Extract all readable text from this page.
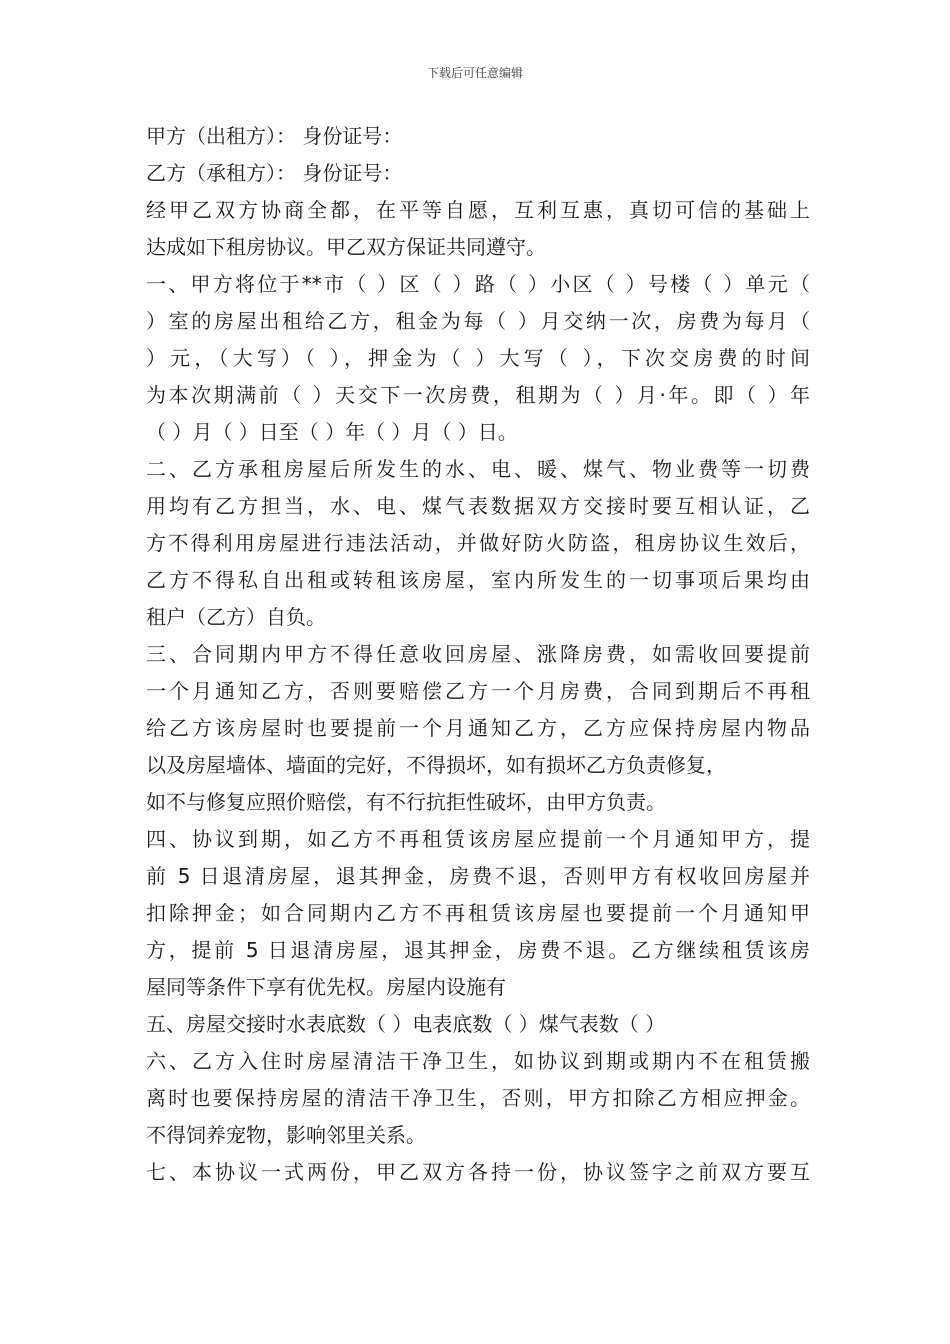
下载后可任意编辑
甲方（出租方）： 身份证号：
乙方（承租方）： 身份证号：
经甲乙双方协商全都，在平等自愿，互利互惠，真切可信的基础上
达成如下租房协议。甲乙双方保证共同遵守。
一、甲方将位于**市（ ）区（ ）路（ ）小区（ ）号楼（ ）单元（
）室的房屋出租给乙方，租金为每（ ）月交纳一次，房费为每月（
）元，（大写）（ ），押金为（ ）大写（ ），下次交房费的时间
为本次期满前（ ）天交下一次房费，租期为（ ）月·年。即（ ）年
（ ）月（ ）日至（ ）年（ ）月（ ）日。
二、乙方承租房屋后所发生的水、电、暖、煤气、物业费等一切费
用均有乙方担当，水、电、煤气表数据双方交接时要互相认证，乙
方不得利用房屋进行违法活动，并做好防火防盗，租房协议生效后，
乙方不得私自出租或转租该房屋，室内所发生的一切事项后果均由
租户（乙方）自负。
三、合同期内甲方不得任意收回房屋、涨降房费，如需收回要提前
一个月通知乙方，否则要赔偿乙方一个月房费，合同到期后不再租
给乙方该房屋时也要提前一个月通知乙方，乙方应保持房屋内物品
以及房屋墙体、墙面的完好，不得损坏，如有损坏乙方负责修复，
如不与修复应照价赔偿，有不行抗拒性破坏，由甲方负责。
四、协议到期，如乙方不再租赁该房屋应提前一个月通知甲方，提
前 5 日退清房屋，退其押金，房费不退，否则甲方有权收回房屋并
扣除押金；如合同期内乙方不再租赁该房屋也要提前一个月通知甲
方，提前 5 日退清房屋，退其押金，房费不退。乙方继续租赁该房
屋同等条件下享有优先权。房屋内设施有
五、房屋交接时水表底数（ ）电表底数（ ）煤气表数（ ）
六、乙方入住时房屋清洁干净卫生，如协议到期或期内不在租赁搬
离时也要保持房屋的清洁干净卫生，否则，甲方扣除乙方相应押金。
不得饲养宠物，影响邻里关系。
七、本协议一式两份，甲乙双方各持一份，协议签字之前双方要互
